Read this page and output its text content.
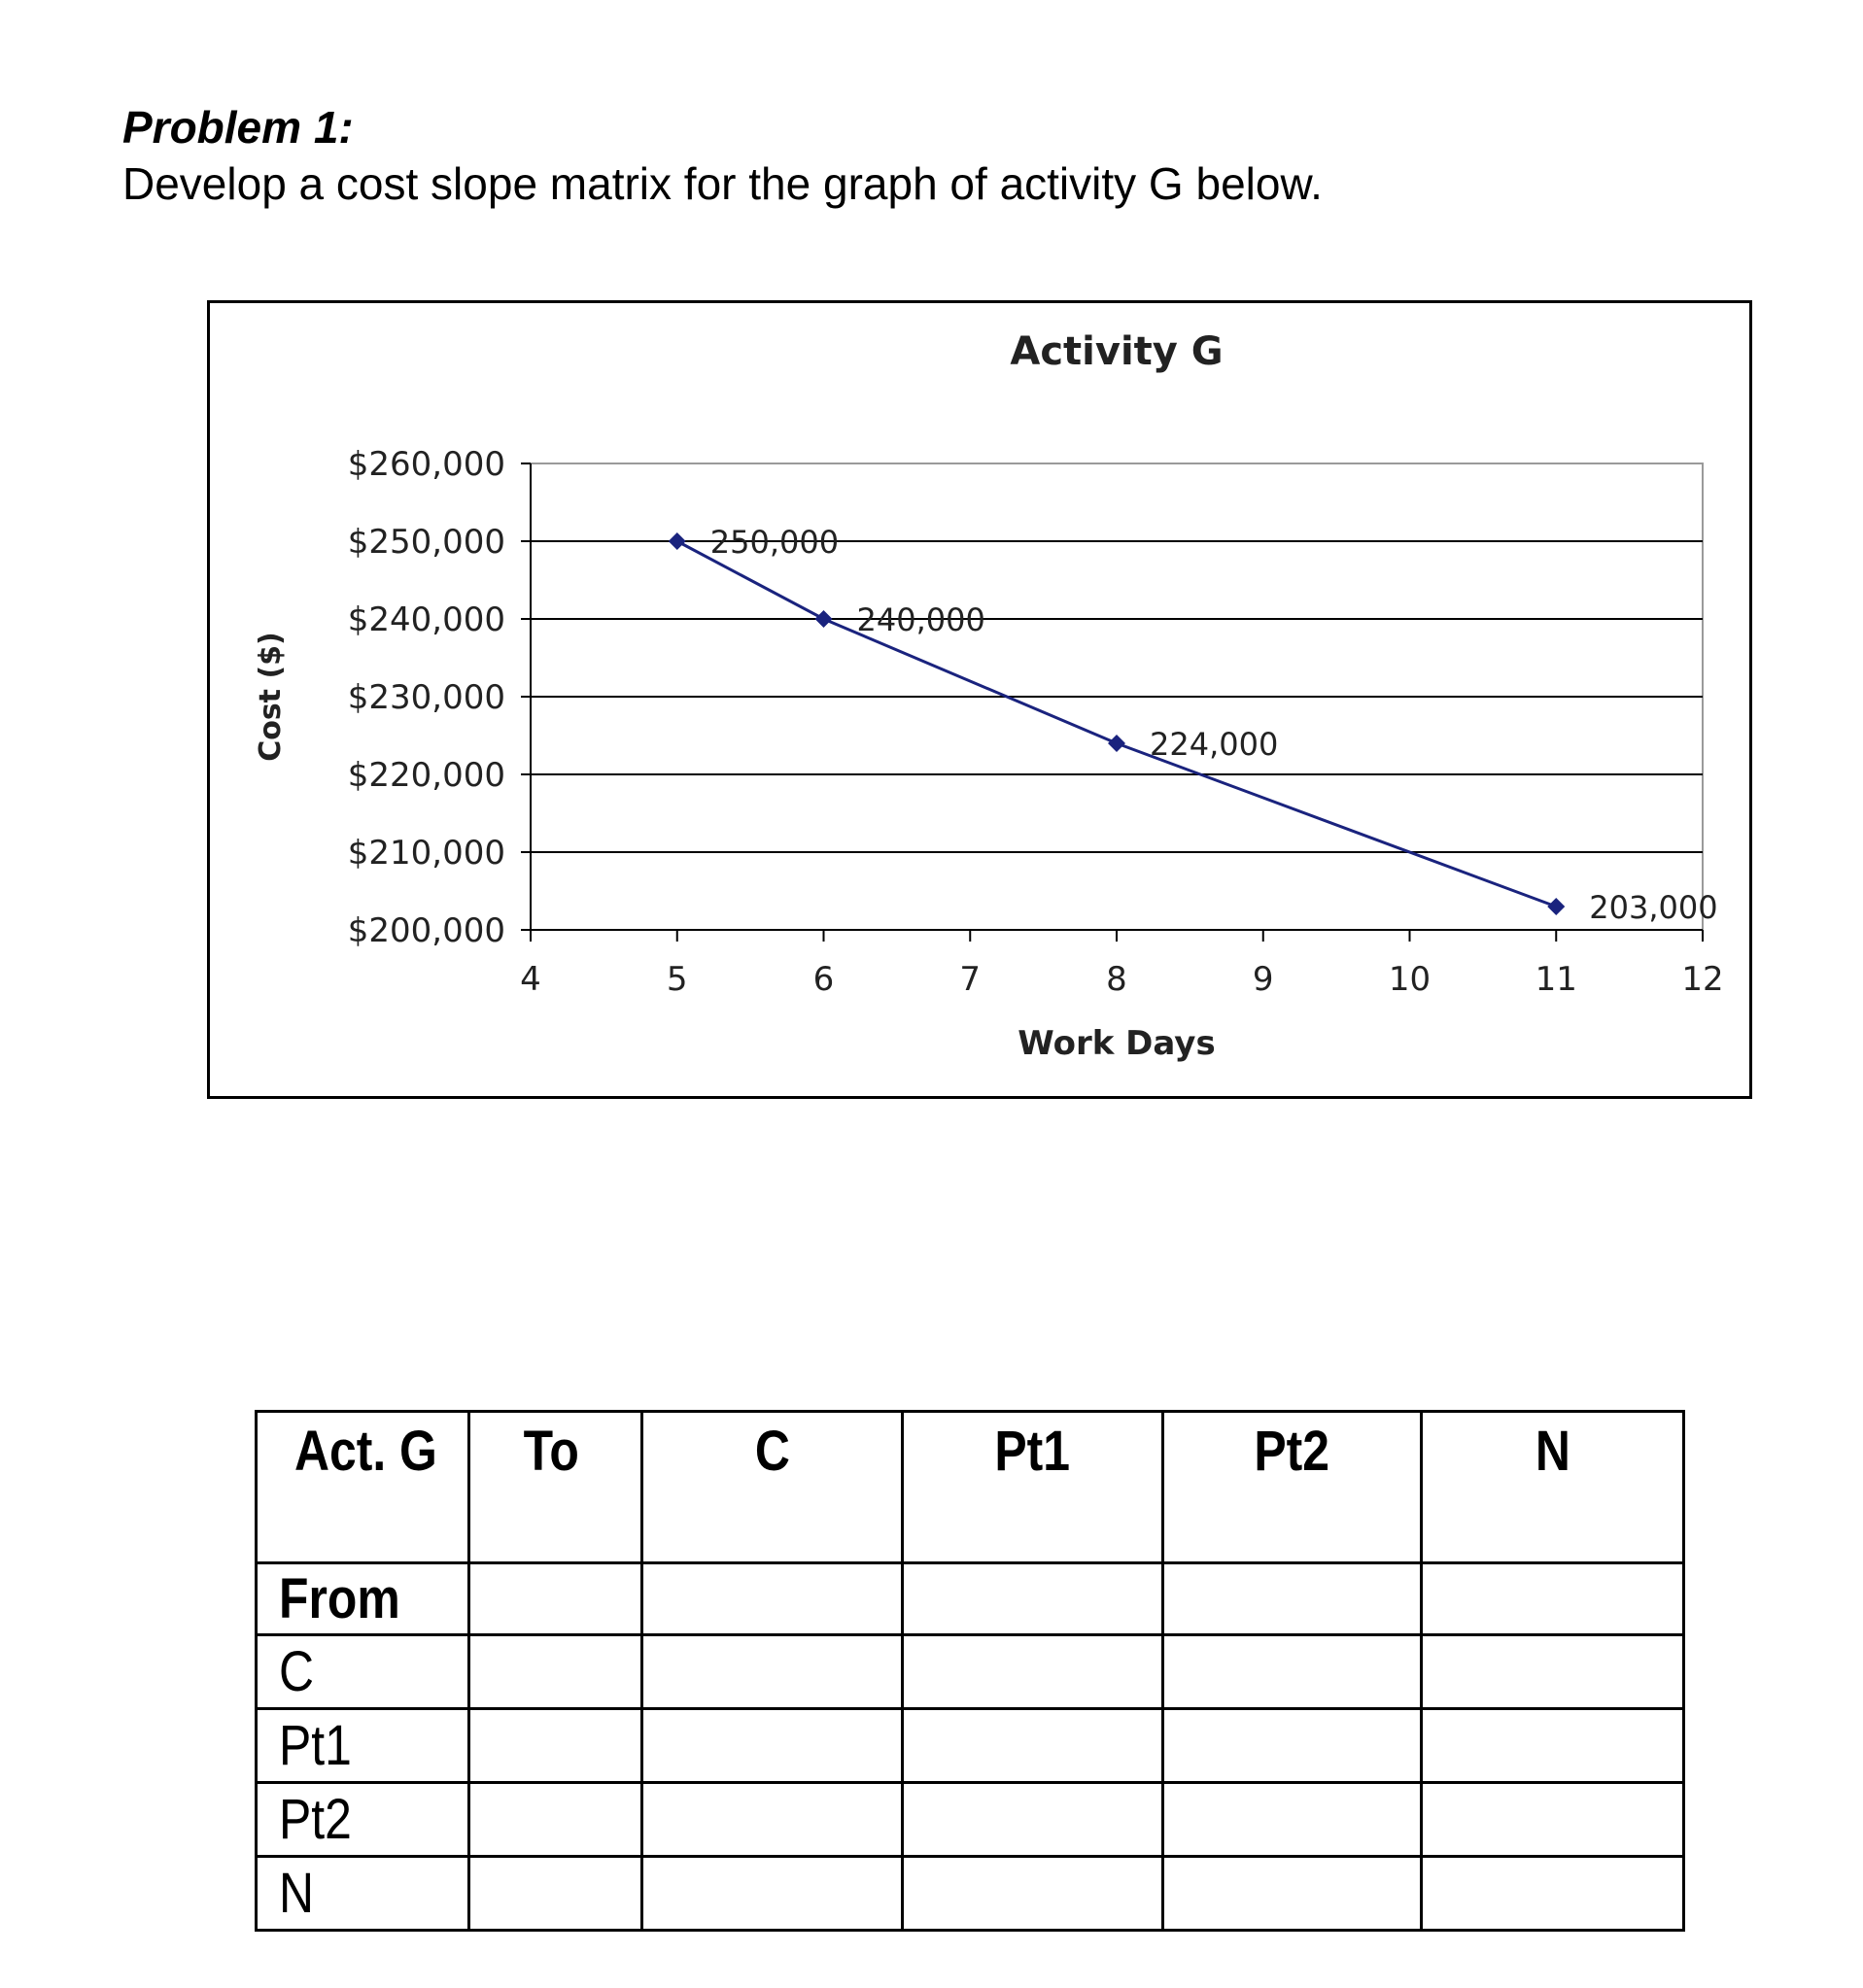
Problem 1:

Develop a cost slope matrix for the graph of activity G below.

Activity G
$200,000
$210,000
$220,000
$230,000
$240,000
$250,000
$260,000
4	5	6	7	8	9	10	11	12
Work Days
Cost ($)
250,000
240,000
224,000
203,000
Act. G	To	C	Pt1	Pt2	N
From					
C					
Pt1					
Pt2					
N					
